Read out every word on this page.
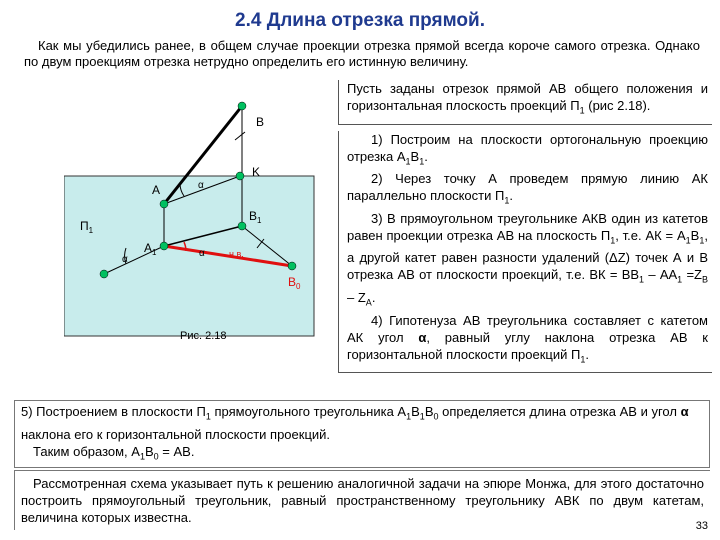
2.4 Длина отрезка прямой.
Как мы убедились ранее, в общем случае проекции отрезка прямой всегда короче самого отрезка. Однако по двум проекциям отрезка нетрудно определить его истинную величину.
$П_1$
B
K
A	α
$A_1$
$B_1$
$B_0$
α
α	н.в.
Рис. 2.18

Пусть заданы отрезок прямой АВ общего положения и горизонтальная плоскость проекций $П_1$ (рис 2.18).

1) Построим на плоскости ортогональную проекцию отрезка $А_1В_1$.

2) Через точку А проведем прямую линию АК параллельно плоскости $П_1$.

3) В прямоугольном треугольнике АКВ один из катетов равен проекции отрезка АВ на плоскость $П_1$, т.е. АК = $А_1В_1$, а другой катет равен разности удалений (ΔZ) точек А и В отрезка АВ от плоскости проекций, т.е. ВК = $ВВ_1 - АА_1 =Z_B - Z_A$.

4) Гипотенуза АВ треугольника составляет с катетом АК угол α, равный углу наклона отрезка АВ к горизонтальной плоскости проекций $П_1$.

5) Построением в плоскости $П_1$ прямоугольного треугольника $А_1В_1В_0$ определяется длина отрезка АВ и угол α наклона его к горизонтальной плоскости проекций.
Таким образом, $А_1В_0$ = АВ.
Рассмотренная схема указывает путь к решению аналогичной задачи на эпюре Монжа, для этого достаточно построить прямоугольный треугольник, равный пространственному треугольнику АВК по двум катетам, величина которых известна.
33
